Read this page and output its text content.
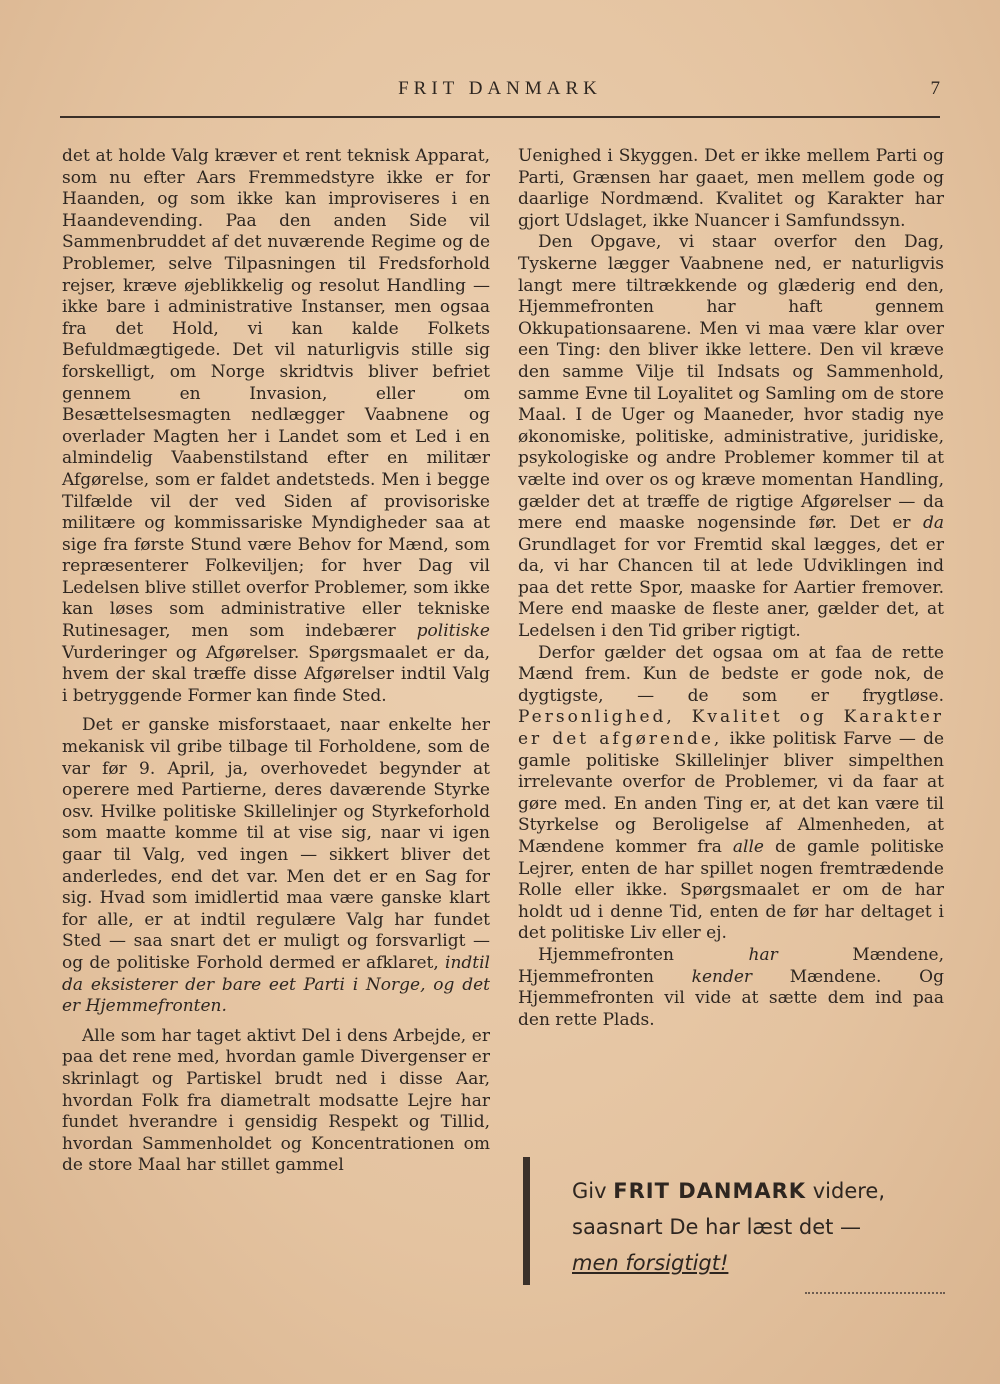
FRIT DANMARK	7

det at holde Valg kræver et rent teknisk Apparat, som nu efter Aars Fremmedstyre ikke er for Haanden, og som ikke kan improviseres i en Haandevending. Paa den anden Side vil Sammenbruddet af det nuværende Regime og de Problemer, selve Tilpasningen til Fredsforhold rejser, kræve øjeblikkelig og resolut Handling — ikke bare i administrative Instanser, men ogsaa fra det Hold, vi kan kalde Folkets Befuldmægtigede. Det vil naturligvis stille sig forskelligt, om Norge skridtvis bliver befriet gennem en Invasion, eller om Besættelsesmagten nedlægger Vaabnene og overlader Magten her i Landet som et Led i en almindelig Vaabenstilstand efter en militær Afgørelse, som er faldet andetsteds. Men i begge Tilfælde vil der ved Siden af provisoriske militære og kommissariske Myndigheder saa at sige fra første Stund være Behov for Mænd, som repræsenterer Folkeviljen; for hver Dag vil Ledelsen blive stillet overfor Problemer, som ikke kan løses som administrative eller tekniske Rutinesager, men som indebærer politiske Vurderinger og Afgørelser. Spørgsmaalet er da, hvem der skal træffe disse Afgørelser indtil Valg i betryggende Former kan finde Sted.

Det er ganske misforstaaet, naar enkelte her mekanisk vil gribe tilbage til Forholdene, som de var før 9. April, ja, overhovedet begynder at operere med Partierne, deres daværende Styrke osv. Hvilke politiske Skillelinjer og Styrkeforhold som maatte komme til at vise sig, naar vi igen gaar til Valg, ved ingen — sikkert bliver det anderledes, end det var. Men det er en Sag for sig. Hvad som imidlertid maa være ganske klart for alle, er at indtil regulære Valg har fundet Sted — saa snart det er muligt og forsvarligt — og de politiske Forhold dermed er afklaret, indtil da eksisterer der bare eet Parti i Norge, og det er Hjemmefronten.

Alle som har taget aktivt Del i dens Arbejde, er paa det rene med, hvordan gamle Divergenser er skrinlagt og Partiskel brudt ned i disse Aar, hvordan Folk fra diametralt modsatte Lejre har fundet hverandre i gensidig Respekt og Tillid, hvordan Sammenholdet og Koncentrationen om de store Maal har stillet gammel

Uenighed i Skyggen. Det er ikke mellem Parti og Parti, Grænsen har gaaet, men mellem gode og daarlige Nordmænd. Kvalitet og Karakter har gjort Udslaget, ikke Nuancer i Samfundssyn.

Den Opgave, vi staar overfor den Dag, Tyskerne lægger Vaabnene ned, er naturligvis langt mere tiltrækkende og glæderig end den, Hjemmefronten har haft gennem Okkupationsaarene. Men vi maa være klar over een Ting: den bliver ikke lettere. Den vil kræve den samme Vilje til Indsats og Sammenhold, samme Evne til Loyalitet og Samling om de store Maal. I de Uger og Maaneder, hvor stadig nye økonomiske, politiske, administrative, juridiske, psykologiske og andre Problemer kommer til at vælte ind over os og kræve momentan Handling, gælder det at træffe de rigtige Afgørelser — da mere end maaske nogensinde før. Det er da Grundlaget for vor Fremtid skal lægges, det er da, vi har Chancen til at lede Udviklingen ind paa det rette Spor, maaske for Aartier fremover. Mere end maaske de fleste aner, gælder det, at Ledelsen i den Tid griber rigtigt.

Derfor gælder det ogsaa om at faa de rette Mænd frem. Kun de bedste er gode nok, de dygtigste, — de som er frygtløse. Personlighed, Kvalitet og Karakter er det afgørende, ikke politisk Farve — de gamle politiske Skillelinjer bliver simpelthen irrelevante overfor de Problemer, vi da faar at gøre med. En anden Ting er, at det kan være til Styrkelse og Beroligelse af Almenheden, at Mændene kommer fra alle de gamle politiske Lejrer, enten de har spillet nogen fremtrædende Rolle eller ikke. Spørgsmaalet er om de har holdt ud i denne Tid, enten de før har deltaget i det politiske Liv eller ej.

Hjemmefronten	har	Mændene, Hjemmefronten kender Mændene. Og Hjemmefronten vil vide at sætte dem ind paa den rette Plads.

Giv FRIT DANMARK videre,
saasnart De har læst det —
men forsigtigt!
